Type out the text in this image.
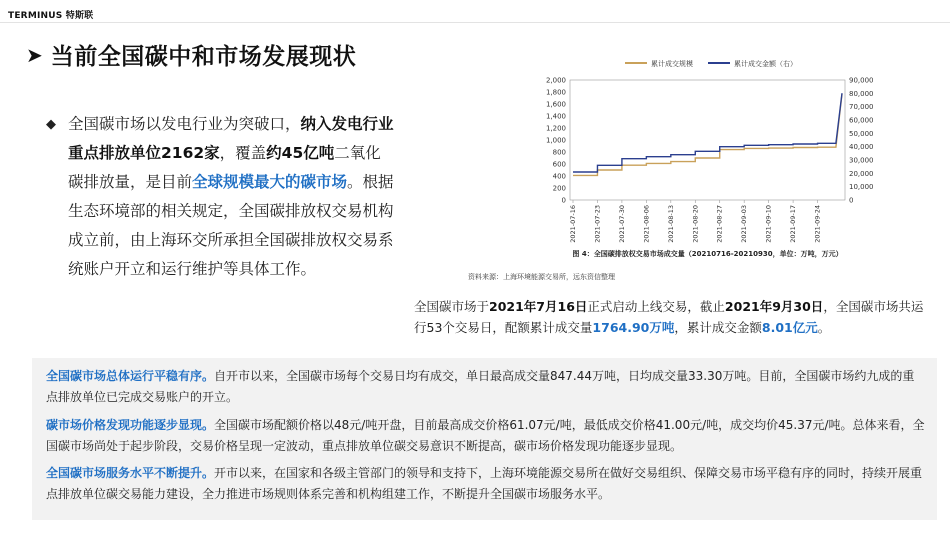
TERMINUS 特斯联
➤ 当前全国碳中和市场发展现状
◆ 全国碳市场以发电行业为突破口，纳入发电行业重点排放单位2162家，覆盖约45亿吨二氧化碳排放量，是目前全球规模最大的碳市场。根据生态环境部的相关规定，全国碳排放权交易机构成立前，由上海环交所承担全国碳排放权交易系统账户开立和运行维护等具体工作。
累计成交规模	累计成交金额（右）
2,000
1,800
1,600
1,400
1,200
1,000
800
600
400
200
0
90,000
80,000
70,000
60,000
50,000
40,000
30,000
20,000
10,000
0
2021-07-16	2021-07-23	2021-07-30	2021-08-06	2021-08-13	2021-08-20	2021-08-27	2021-09-03	2021-09-10	2021-09-17	2021-09-24
图 4：全国碳排放权交易市场成交量（20210716-20210930，单位：万吨，万元）
资料来源：上海环境能源交易所，远东资信整理
全国碳市场于2021年7月16日正式启动上线交易，截止2021年9月30日，全国碳市场共运行53个交易日，配额累计成交量1764.90万吨，累计成交金额8.01亿元。
全国碳市场总体运行平稳有序。自开市以来，全国碳市场每个交易日均有成交，单日最高成交量847.44万吨，日均成交量33.30万吨。目前，全国碳市场约九成的重点排放单位已完成交易账户的开立。
碳市场价格发现功能逐步显现。全国碳市场配额价格以48元/吨开盘，目前最高成交价格61.07元/吨，最低成交价格41.00元/吨，成交均价45.37元/吨。总体来看，全国碳市场尚处于起步阶段，交易价格呈现一定波动，重点排放单位碳交易意识不断提高，碳市场价格发现功能逐步显现。
全国碳市场服务水平不断提升。开市以来，在国家和各级主管部门的领导和支持下，上海环境能源交易所在做好交易组织、保障交易市场平稳有序的同时，持续开展重点排放单位碳交易能力建设，全力推进市场规则体系完善和机构组建工作，不断提升全国碳市场服务水平。
